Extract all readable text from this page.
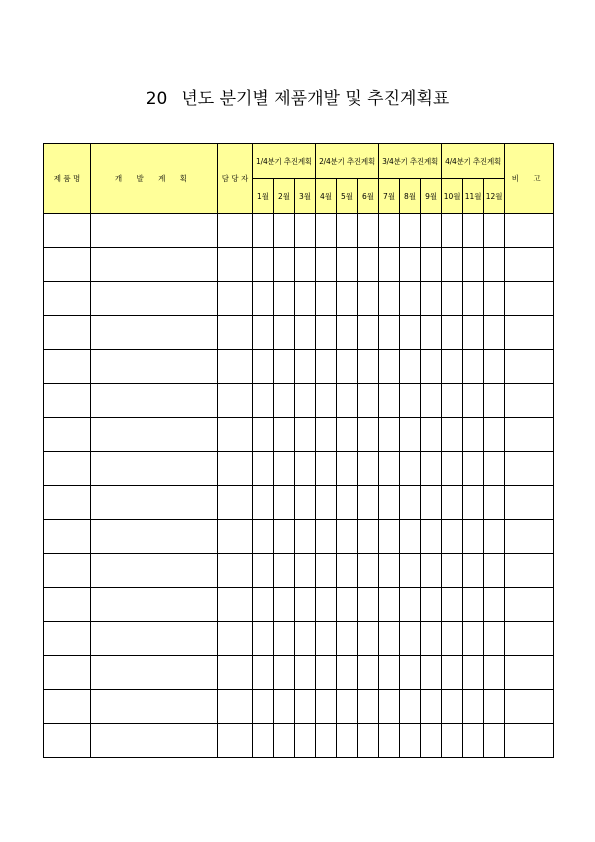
20 년도 분기별 제품개발 및 추진계획표
제 품 명	개 발 계 획	담 당 자	1/4분기 추진계획			2/4분기 추진계획			3/4분기 추진계획			4/4분기 추진계획			비 고
			1월	2월	3월	4월	5월	6월	7월	8월	9월	10월	11월	12월	
